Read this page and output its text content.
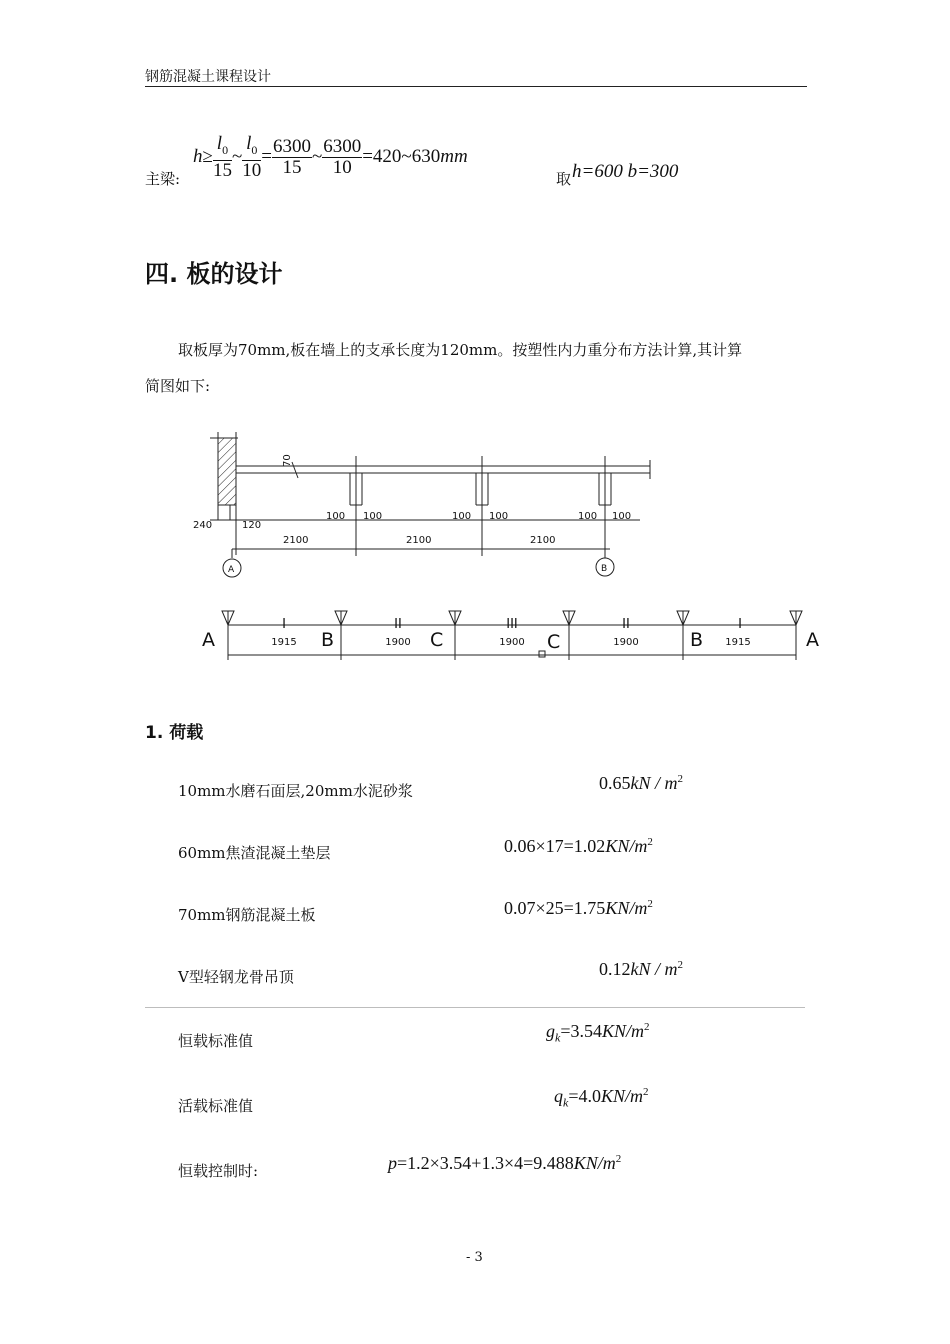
钢筋混凝土课程设计
主梁:
$h\ge \frac{l_0}{15}$ ~ $\frac{l_0}{10} = \frac{6300}{15}$ ~ $\frac{6300}{10}$ =420~630mm
取 h=600 b=300
四. 板的设计
取板厚为70mm,板在墙上的支承长度为120mm。按塑性内力重分布方法计算,其计算
简图如下:
70
240	120
100 100	100 100	100 100
2100	2100	2100
A	B
A	B	C	C	B	A
I	II	III	II	I
1915	1900	1900	1900	1915
1. 荷载
10mm水磨石面层,20mm水泥砂浆	$0.65kN / m^2$
60mm焦渣混凝土垫层	$0.06\times 17=1.02KN/m^2$
70mm钢筋混凝土板	$0.07\times 25=1.75KN/m^2$
V型轻钢龙骨吊顶	$0.12kN / m^2$
恒载标准值	$g_k=3.54KN/m^2$
活载标准值	$q_k=4.0KN/m^2$
恒载控制时:	$p=1.2\times 3.54+1.3\times 4=9.488KN/m^2$
- 3
